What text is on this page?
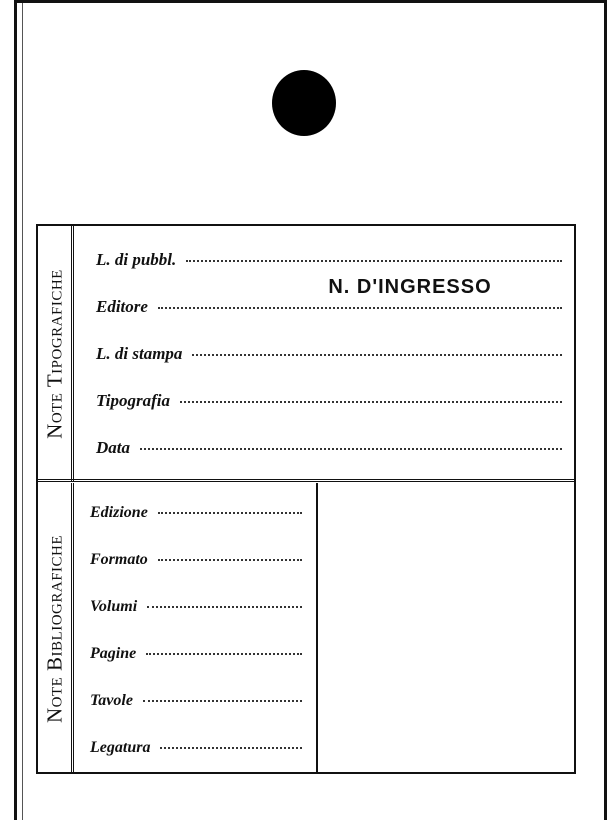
Note Tipografiche
L. di pubbl.
Editore
L. di stampa
Tipografia
Data
Note Bibliografiche
Edizione
Formato
Volumi
Pagine
Tavole
Legatura
N. D'INGRESSO
